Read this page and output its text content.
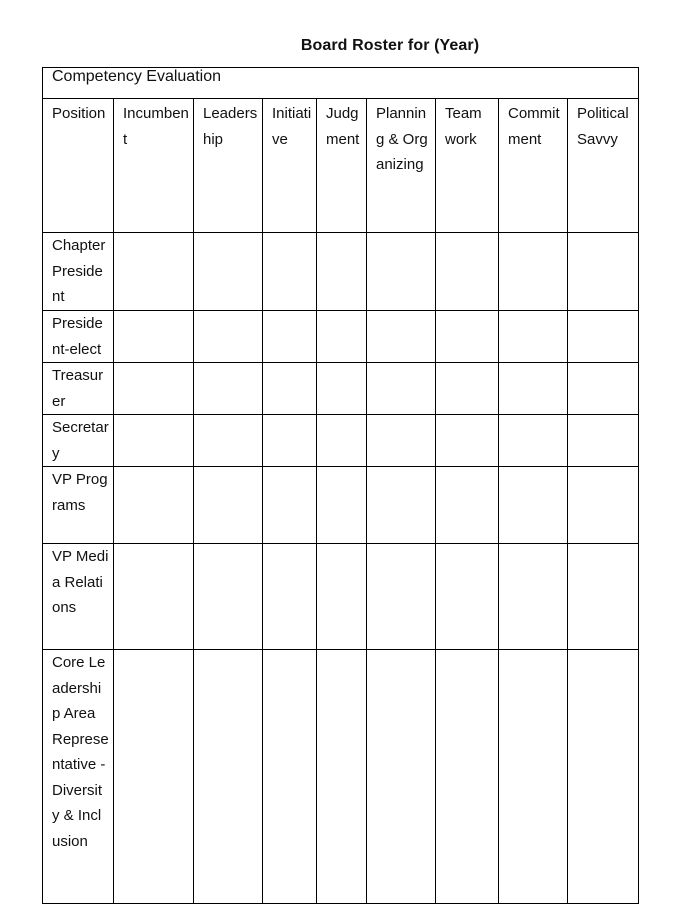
Board Roster for (Year)
Competency Evaluation								

Position	Incumbent	Leadership	Initiative	Judgment	Planning & Organizing	Team work	Commitment	Political Savvy
Chapter President								
President-elect								
Treasurer								
Secretary								
VP Programs								
VP Media Relations								
Core Leadership Area Representative - Diversity & Inclusion								
